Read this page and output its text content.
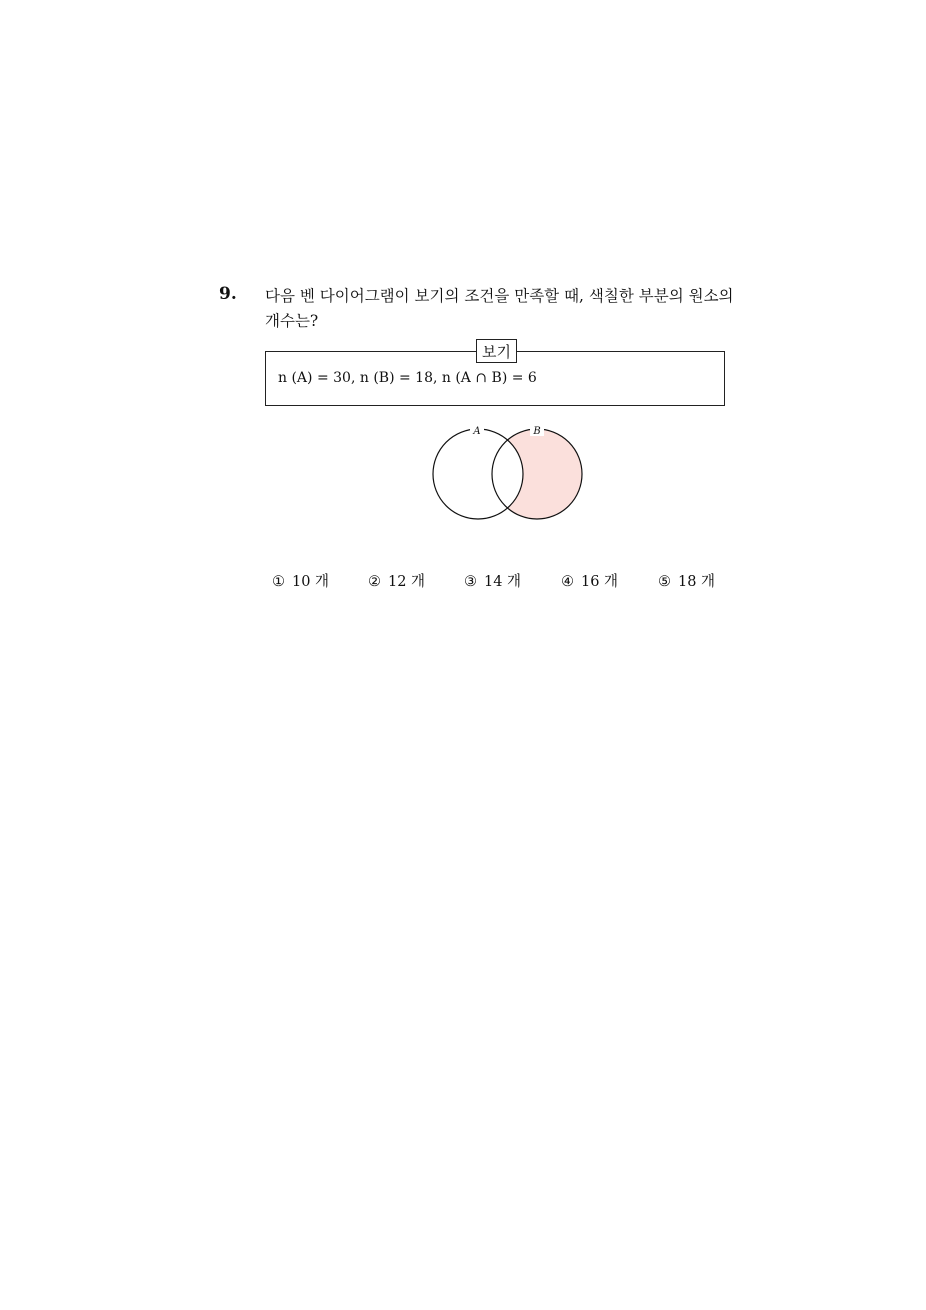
9. 다음 벤 다이어그램이 보기의 조건을 만족할 때, 색칠한 부분의 원소의
개수는?
보기
n (A) = 30, n (B) = 18, n (A ∩ B) = 6
A	B
① 10 개	② 12 개	③ 14 개	④ 16 개	⑤ 18 개
